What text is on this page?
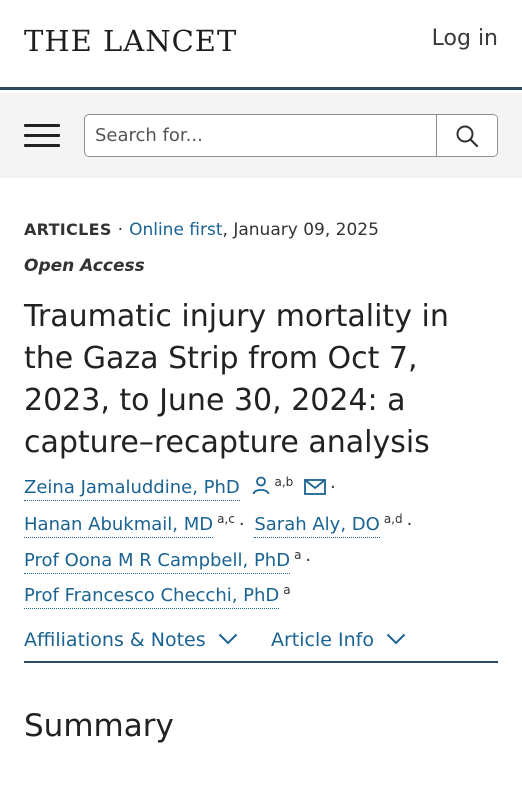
THE LANCET	Log in
Search for...
ARTICLES · Online first, January 09, 2025
Open Access
Traumatic injury mortality in the Gaza Strip from Oct 7, 2023, to June 30, 2024: a capture–recapture analysis
Zeina Jamaluddine, PhD	$^{a,b}$ ·
Hanan Abukmail, MD $^{a,c}$ · Sarah Aly, DO $^{a,d}$ ·
Prof Oona M R Campbell, PhD $^a$ ·
Prof Francesco Checchi, PhD $^a$
Affiliations & Notes	Article Info
Summary
